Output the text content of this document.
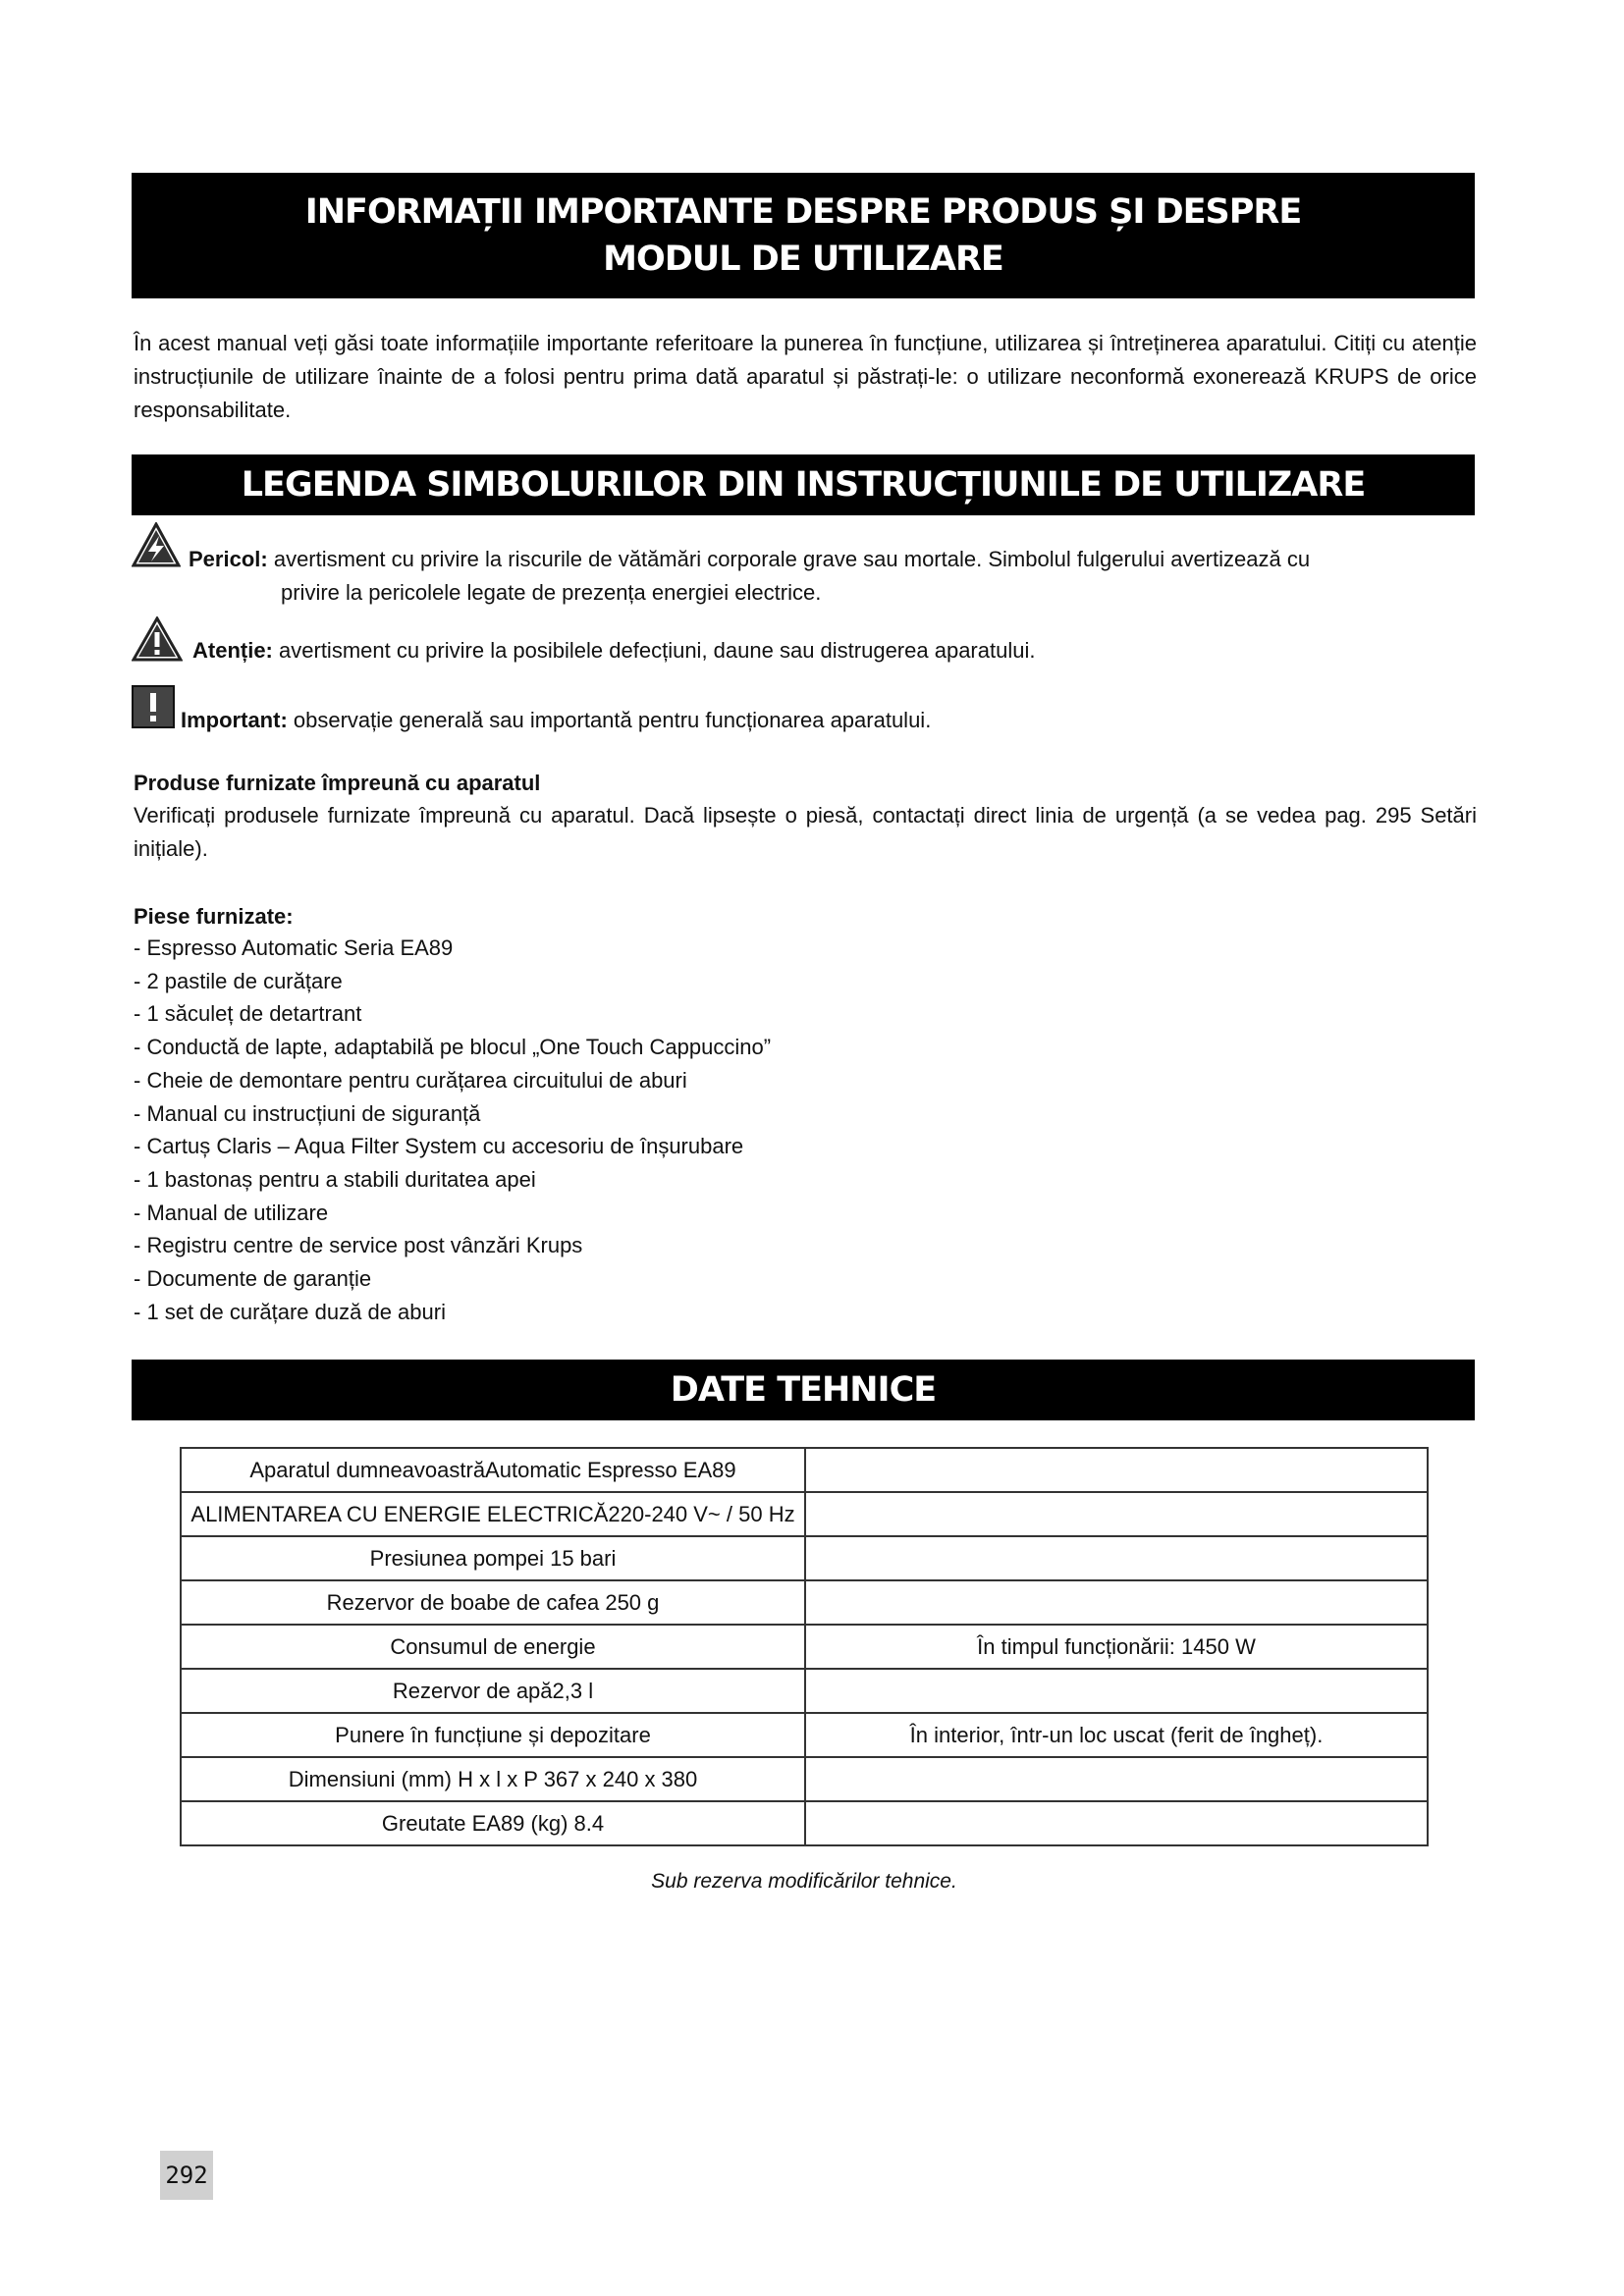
INFORMAȚII IMPORTANTE DESPRE PRODUS ȘI DESPRE
MODUL DE UTILIZARE
În acest manual veți găsi toate informațiile importante referitoare la punerea în funcțiune, utilizarea și întreținerea aparatului. Citiți cu atenție instrucțiunile de utilizare înainte de a folosi pentru prima dată aparatul și păstrați-le: o utilizare neconformă exonerează KRUPS de orice responsabilitate.
LEGENDA SIMBOLURILOR DIN INSTRUCȚIUNILE DE UTILIZARE
Pericol: avertisment cu privire la riscurile de vătămări corporale grave sau mortale. Simbolul fulgerului avertizează cu
privire la pericolele legate de prezența energiei electrice.
Atenție: avertisment cu privire la posibilele defecțiuni, daune sau distrugerea aparatului.
Important: observație generală sau importantă pentru funcționarea aparatului.
Produse furnizate împreună cu aparatul
Verificați produsele furnizate împreună cu aparatul. Dacă lipsește o piesă, contactați direct linia de urgență (a se vedea pag. 295 Setări inițiale).
Piese furnizate:
- Espresso Automatic Seria EA89
- 2 pastile de curățare
- 1 săculeț de detartrant
- Conductă de lapte, adaptabilă pe blocul „One Touch Cappuccino”
- Cheie de demontare pentru curățarea circuitului de aburi
- Manual cu instrucțiuni de siguranță
- Cartuș Claris – Aqua Filter System cu accesoriu de înșurubare
- 1 bastonaș pentru a stabili duritatea apei
- Manual de utilizare
- Registru centre de service post vânzări Krups
- Documente de garanție
- 1 set de curățare duză de aburi
DATE TEHNICE
Aparatul dumneavoastrăAutomatic Espresso EA89	
ALIMENTAREA CU ENERGIE ELECTRICĂ220-240 V~ / 50 Hz	
Presiunea pompei 15 bari	
Rezervor de boabe de cafea 250 g	
Consumul de energie	În timpul funcționării: 1450 W
Rezervor de apă2,3 l	
Punere în funcțiune și depozitare	În interior, într-un loc uscat (ferit de îngheț).
Dimensiuni (mm) H x l x P 367 x 240 x 380	
Greutate EA89 (kg) 8.4	
Sub rezerva modificărilor tehnice.
292
